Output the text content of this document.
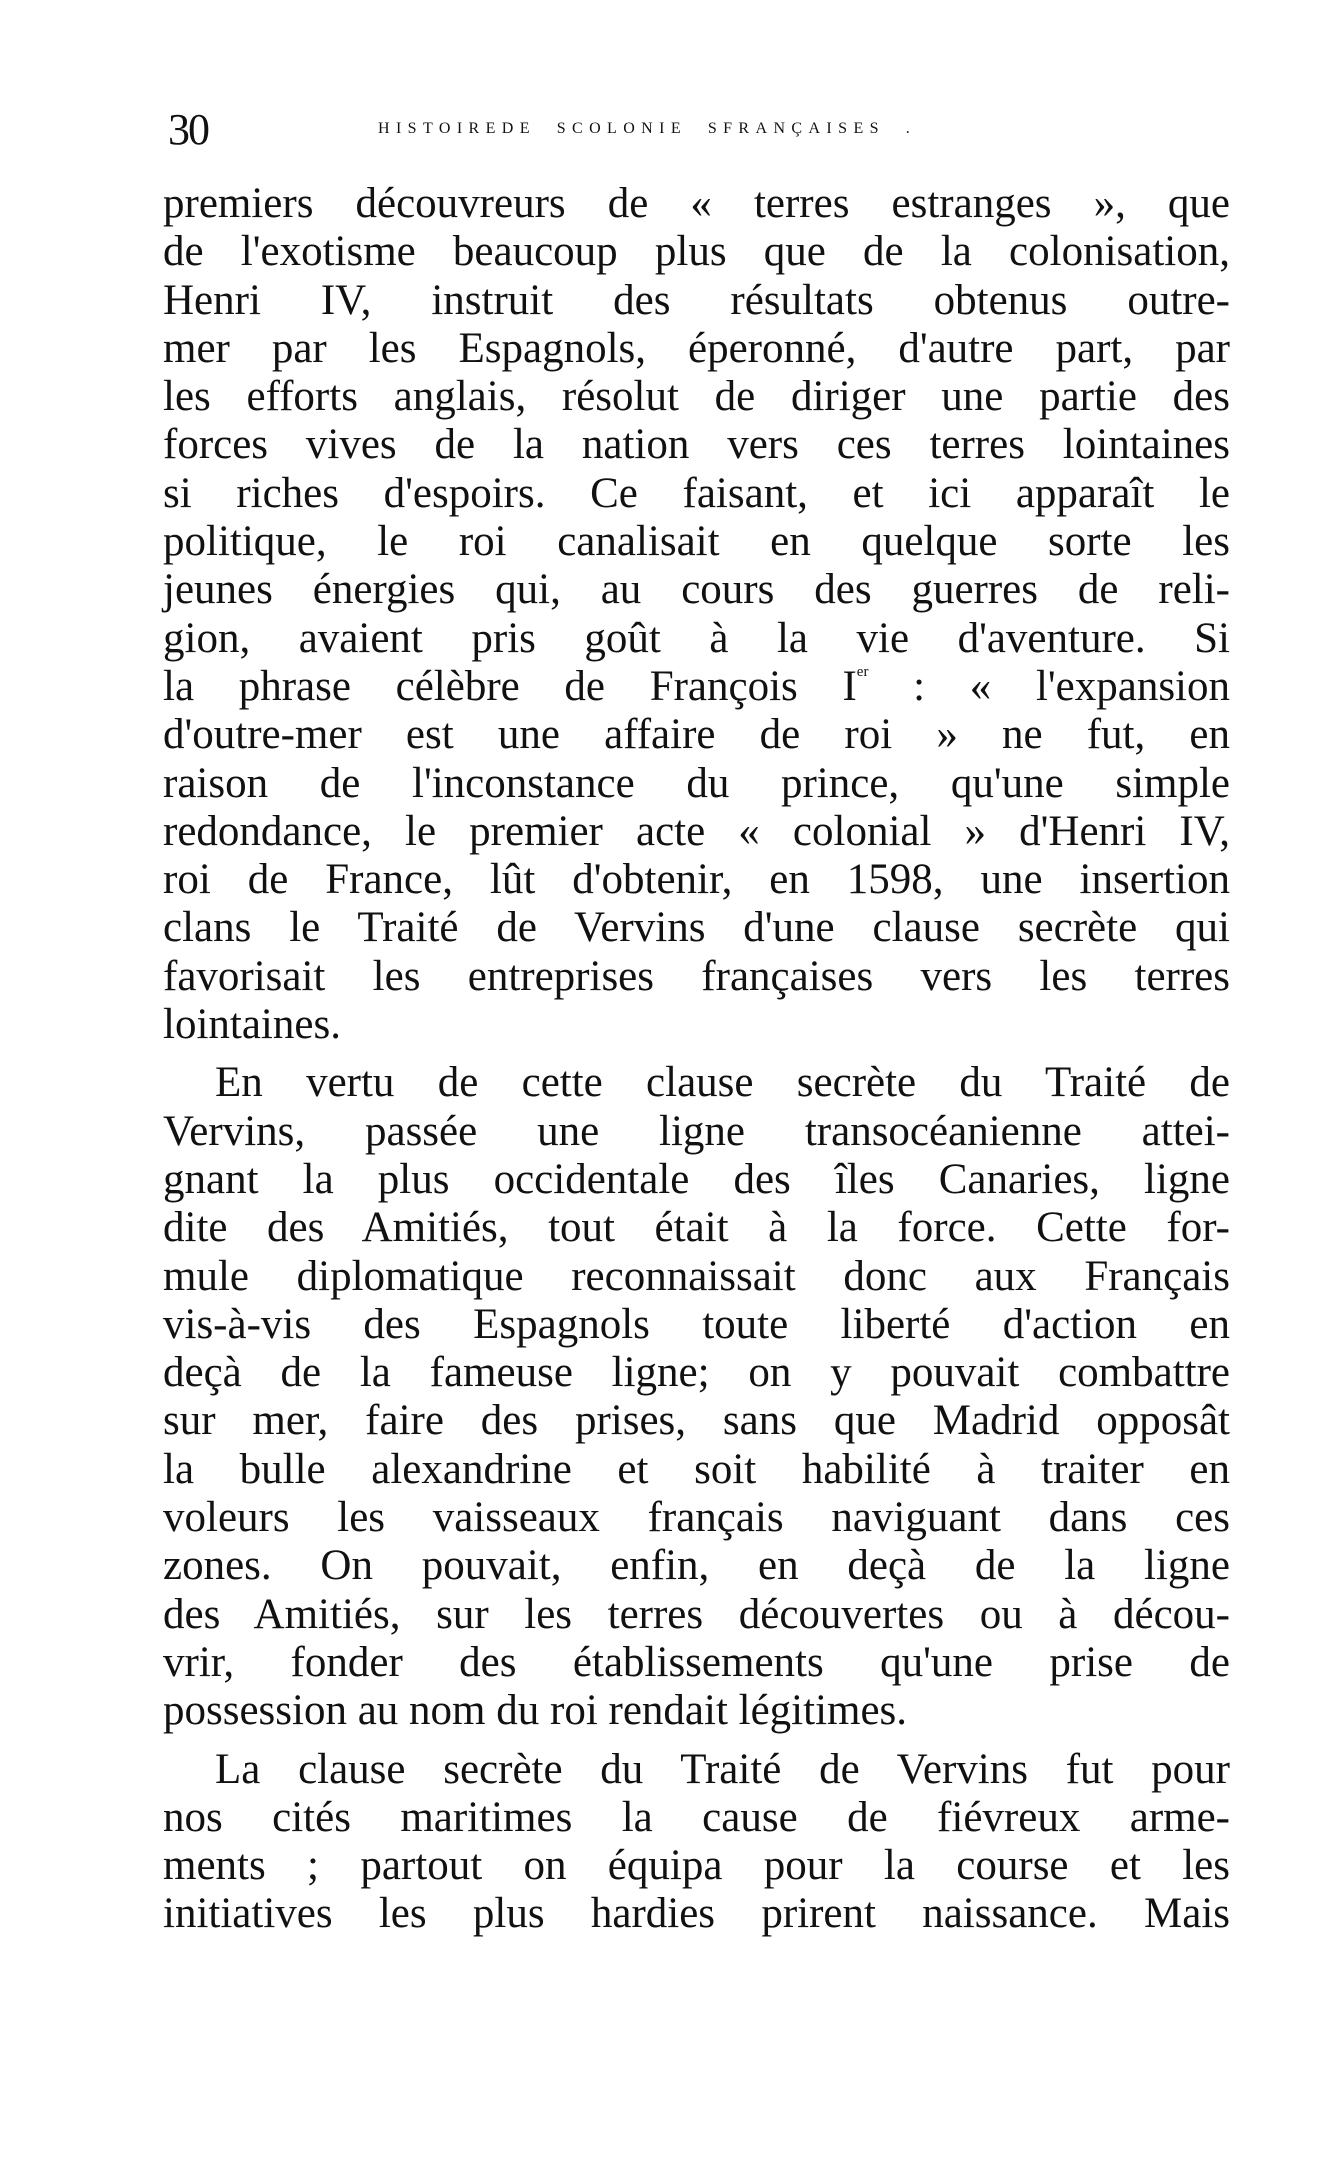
30	HISTOIREDE  SCOLONIE  SFRANÇAISES  .
premiers découvreurs de « terres estranges », que
de l'exotisme beaucoup plus que de la colonisation,
Henri IV, instruit des résultats obtenus outre-
mer par les Espagnols, éperonné, d'autre part, par
les efforts anglais, résolut de diriger une partie des
forces vives de la nation vers ces terres lointaines
si riches d'espoirs. Ce faisant, et ici apparaît le
politique, le roi canalisait en quelque sorte les
jeunes énergies qui, au cours des guerres de reli-
gion, avaient pris goût à la vie d'aventure. Si
la phrase célèbre de François Ier : « l'expansion
d'outre-mer est une affaire de roi » ne fut, en
raison de l'inconstance du prince, qu'une simple
redondance, le premier acte « colonial » d'Henri IV,
roi de France, lût d'obtenir, en 1598, une insertion
clans le Traité de Vervins d'une clause secrète qui
favorisait les entreprises françaises vers les terres
lointaines.
En vertu de cette clause secrète du Traité de
Vervins, passée une ligne transocéanienne attei-
gnant la plus occidentale des îles Canaries, ligne
dite des Amitiés, tout était à la force. Cette for-
mule diplomatique reconnaissait donc aux Français
vis-à-vis des Espagnols toute liberté d'action en
deçà de la fameuse ligne; on y pouvait combattre
sur mer, faire des prises, sans que Madrid opposât
la bulle alexandrine et soit habilité à traiter en
voleurs les vaisseaux français naviguant dans ces
zones. On pouvait, enfin, en deçà de la ligne
des Amitiés, sur les terres découvertes ou à décou-
vrir, fonder des établissements qu'une prise de
possession au nom du roi rendait légitimes.
La clause secrète du Traité de Vervins fut pour
nos cités maritimes la cause de fiévreux arme-
ments ; partout on équipa pour la course et les
initiatives les plus hardies prirent naissance. Mais
